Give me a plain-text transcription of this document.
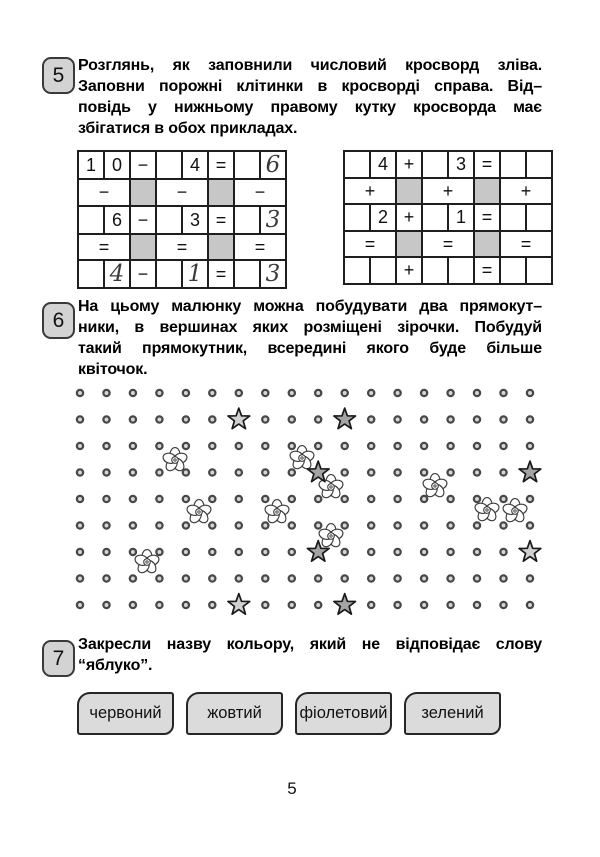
5 Розглянь, як заповнили числовий кросворд зліва.
Заповни порожні клітинки в кросворді справа. Від–
повідь у нижньому правому кутку кросворда має
збігатися в обох прикладах.
1	0	−		4	=		6
−			−			−	
	6	−		3	=		3
=			=			=	
	4	−		1	=		3
	4	+		3	=		
+			+			+	
	2	+		1	=		
=			=			=	
		+			=		
6
На цьому малюнку можна побудувати два прямокут–
ники, в вершинах яких розміщені зірочки. Побудуй
такий прямокутник, всередині якого буде більше
квіточок.
7
Закресли назву кольору, який не відповідає слову
“яблуко”.
червоний	жовтий	фіолетовий	зелений
5
